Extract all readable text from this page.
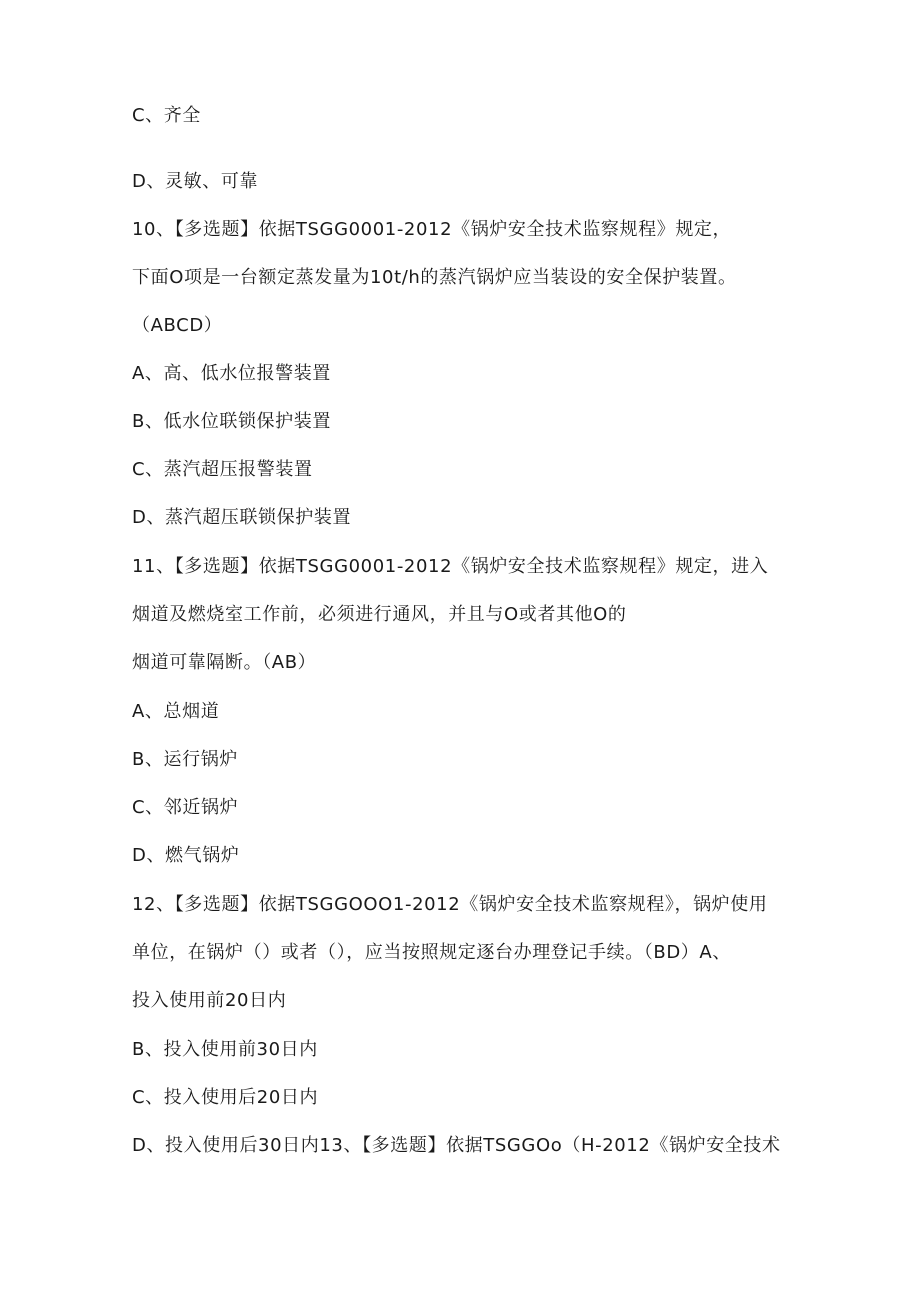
C、齐全
D、灵敏、可靠
10、【多选题】依据TSGG0001-2012《锅炉安全技术监察规程》规定，
下面O项是一台额定蒸发量为10t/h的蒸汽锅炉应当装设的安全保护装置。
（ABCD）
A、高、低水位报警装置
B、低水位联锁保护装置
C、蒸汽超压报警装置
D、蒸汽超压联锁保护装置
11、【多选题】依据TSGG0001-2012《锅炉安全技术监察规程》规定，进入
烟道及燃烧室工作前，必须进行通风，并且与O或者其他O的
烟道可靠隔断。（AB）
A、总烟道
B、运行锅炉
C、邻近锅炉
D、燃气锅炉
12、【多选题】依据TSGGOOO1-2012《锅炉安全技术监察规程》，锅炉使用
单位，在锅炉（）或者（），应当按照规定逐台办理登记手续。（BD）A、
投入使用前20日内
B、投入使用前30日内
C、投入使用后20日内
D、投入使用后30日内13、【多选题】依据TSGGOo（H-2012《锅炉安全技术
